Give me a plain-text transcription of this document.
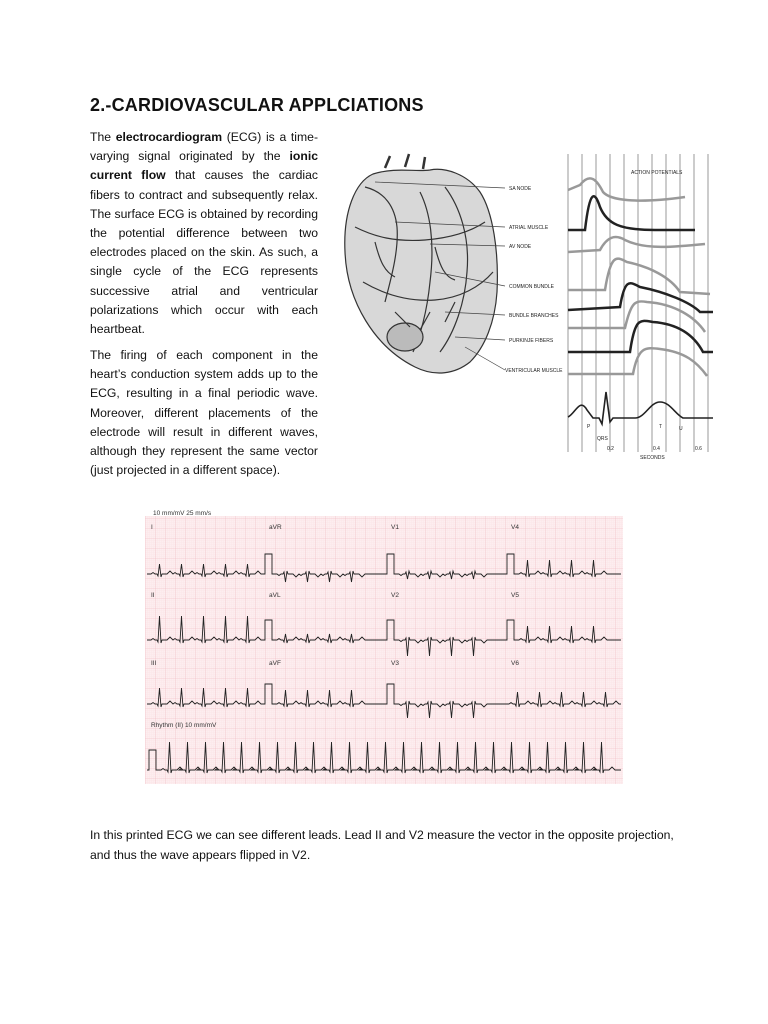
2.-CARDIOVASCULAR APPLCIATIONS

The electrocardiogram (ECG) is a time-varying signal originated by the ionic current flow that causes the cardiac fibers to contract and subsequently relax. The surface ECG is obtained by recording the potential difference between two electrodes placed on the skin. As such, a single cycle of the ECG represents successive atrial and ventricular polarizations which occur with each heartbeat.

The firing of each component in the heart’s conduction system adds up to the ECG, resulting in a final periodic wave. Moreover, different placements of the electrode will result in different waves, although they represent the same vector (just projected in a different space).

SA NODE
ATRIAL MUSCLE
AV NODE
COMMON BUNDLE
BUNDLE BRANCHES
PURKINJE FIBERS
VENTRICULAR MUSCLE
ACTION POTENTIALS
P
QRS
T	U
0.2	0.4	0.6
SECONDS
10 mm/mV 25 mm/s
I	aVR	V1	V4
II	aVL	V2	V5
III	aVF	V3	V6
Rhythm (II) 10 mm/mV

In this printed ECG we can see different leads. Lead II and V2 measure the vector in the opposite projection, and thus the wave appears flipped in V2.
